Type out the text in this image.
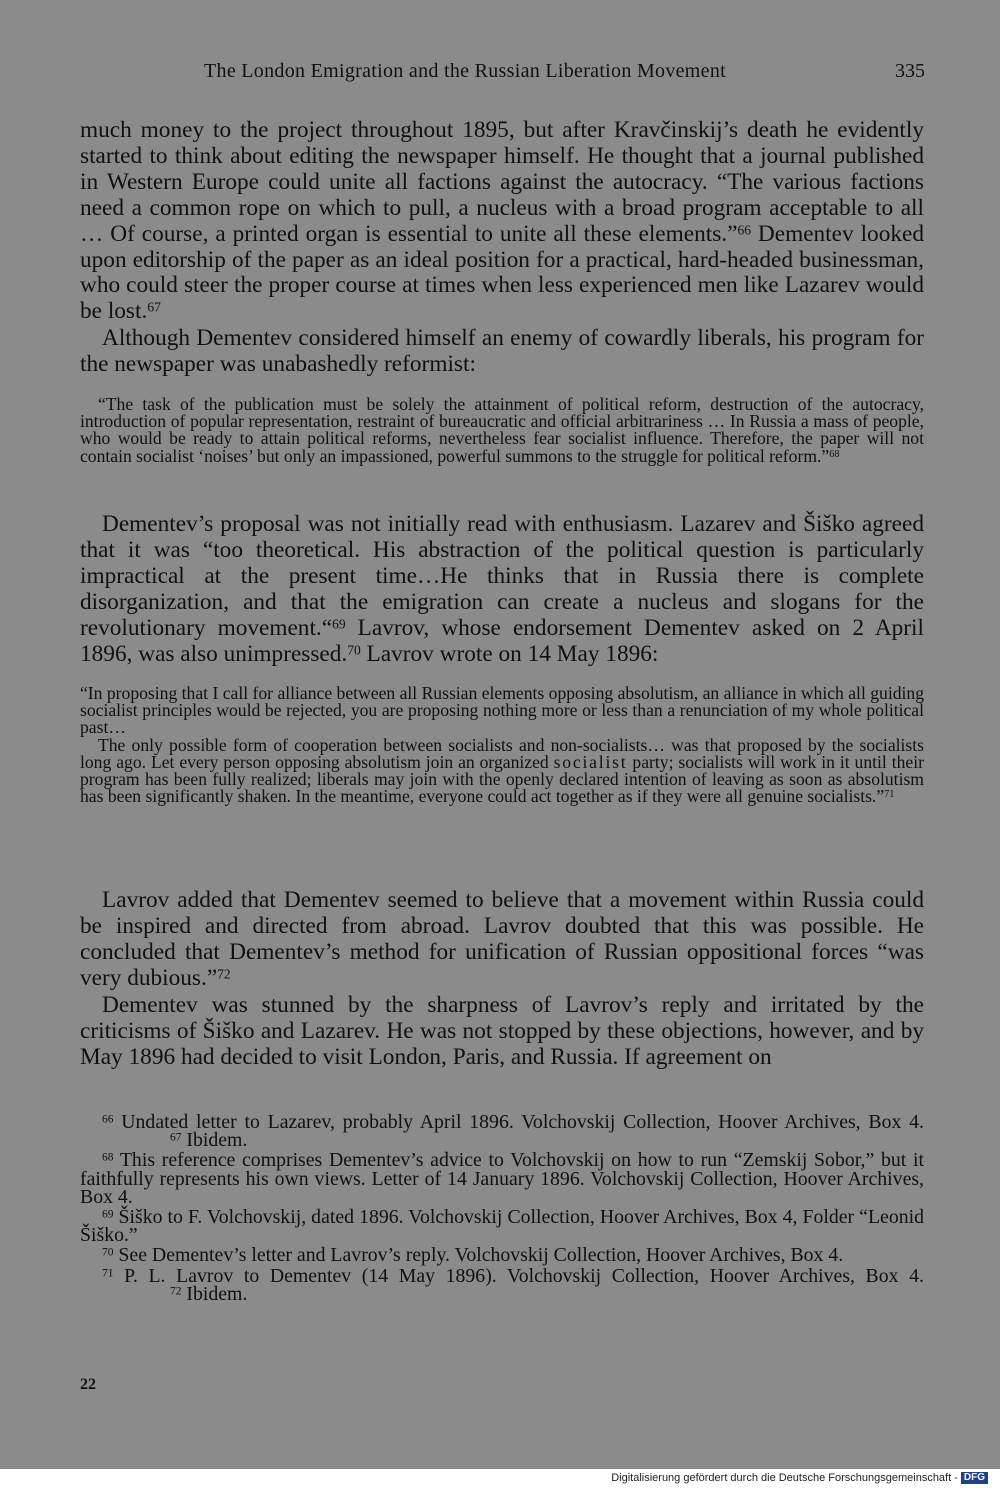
The London Emigration and the Russian Liberation Movement	335

much money to the project throughout 1895, but after Kravčinskij’s death he evidently started to think about editing the newspaper himself. He thought that a journal published in Western Europe could unite all factions against the autocracy. “The various factions need a common rope on which to pull, a nucleus with a broad program acceptable to all … Of course, a printed organ is essential to unite all these elements.”$^{66}$ Dementev looked upon editorship of the paper as an ideal position for a practical, hard-headed businessman, who could steer the proper course at times when less experienced men like Lazarev would be lost.$^{67}$

Although Dementev considered himself an enemy of cowardly liberals, his program for the newspaper was unabashedly reformist:

“The task of the publication must be solely the attainment of political reform, destruction of the autocracy, introduction of popular representation, restraint of bureaucratic and official arbitrariness … In Russia a mass of people, who would be ready to attain political reforms, nevertheless fear socialist influence. Therefore, the paper will not contain socialist ‘noises’ but only an impassioned, powerful summons to the struggle for political reform.”$^{68}$

Dementev’s proposal was not initially read with enthusiasm. Lazarev and Šiško agreed that it was “too theoretical. His abstraction of the political question is particularly impractical at the present time…He thinks that in Russia there is complete disorganization, and that the emigration can create a nucleus and slogans for the revolutionary movement.“$^{69}$ Lavrov, whose endorsement Dementev asked on 2 April 1896, was also unimpressed.$^{70}$ Lavrov wrote on 14 May 1896:

“In proposing that I call for alliance between all Russian elements opposing absolutism, an alliance in which all guiding socialist principles would be rejected, you are proposing nothing more or less than a renunciation of my whole political past…

The only possible form of cooperation between socialists and non-socialists… was that proposed by the socialists long ago. Let every person opposing absolutism join an organized socialist party; socialists will work in it until their program has been fully realized; liberals may join with the openly declared intention of leaving as soon as absolutism has been significantly shaken. In the meantime, everyone could act together as if they were all genuine socialists.”$^{71}$

Lavrov added that Dementev seemed to believe that a movement within Russia could be inspired and directed from abroad. Lavrov doubted that this was possible. He concluded that Dementev’s method for unification of Russian oppositional forces “was very dubious.”$^{72}$

Dementev was stunned by the sharpness of Lavrov’s reply and irritated by the criticisms of Šiško and Lazarev. He was not stopped by these objections, however, and by May 1896 had decided to visit London, Paris, and Russia. If agreement on

$^{66}$ Undated letter to Lazarev, probably April 1896. Volchovskij Collection, Hoover Archives, Box 4.67 Ibidem.

$^{68}$ This reference comprises Dementev’s advice to Volchovskij on how to run “Zemskij Sobor,” but it faithfully represents his own views. Letter of 14 January 1896. Volchovskij Collection, Hoover Archives, Box 4.

$^{69}$ Šiško to F. Volchovskij, dated 1896. Volchovskij Collection, Hoover Archives, Box 4, Folder “Leonid Šiško.”

$^{70}$ See Dementev’s letter and Lavrov’s reply. Volchovskij Collection, Hoover Archives, Box 4.

$^{71}$ P. L. Lavrov to Dementev (14 May 1896). Volchovskij Collection, Hoover Archives, Box 4.72 Ibidem.

22
Digitalisierung gefördert durch die Deutsche Forschungsgemeinschaft - DFG
